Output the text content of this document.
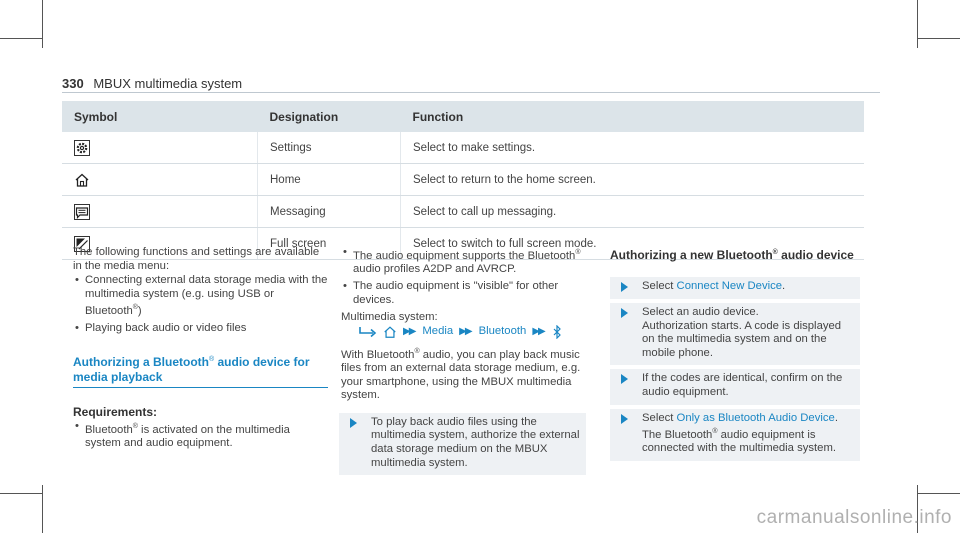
330 MBUX multimedia system
Symbol	Designation	Function
	Settings	Select to make settings.
	Home	Select to return to the home screen.
	Messaging	Select to call up messaging.
	Full screen	Select to switch to full screen mode.

The following functions and settings are available in the media menu:

• Connecting external data storage media with the multimedia system (e.g. using USB or Bluetooth®)

• Playing back audio or video files

Authorizing a Bluetooth® audio device for media playback

Requirements:

• Bluetooth® is activated on the multimedia system and audio equipment.

• The audio equipment supports the Bluetooth® audio profiles A2DP and AVRCP.

• The audio equipment is "visible" for other devices.

Multimedia system:

▶▶ Media ▶▶ Bluetooth ▶▶

With Bluetooth® audio, you can play back music files from an external data storage medium, e.g. your smartphone, using the MBUX multimedia system.

To play back audio files using the multimedia system, authorize the external data storage medium on the MBUX multimedia system.

Authorizing a new Bluetooth® audio device

Select Connect New Device.
Select an audio device.
Authorization starts. A code is displayed on the multimedia system and on the mobile phone.
If the codes are identical, confirm on the audio equipment.
Select Only as Bluetooth Audio Device.
The Bluetooth® audio equipment is connected with the multimedia system.
carmanualsonline.info
